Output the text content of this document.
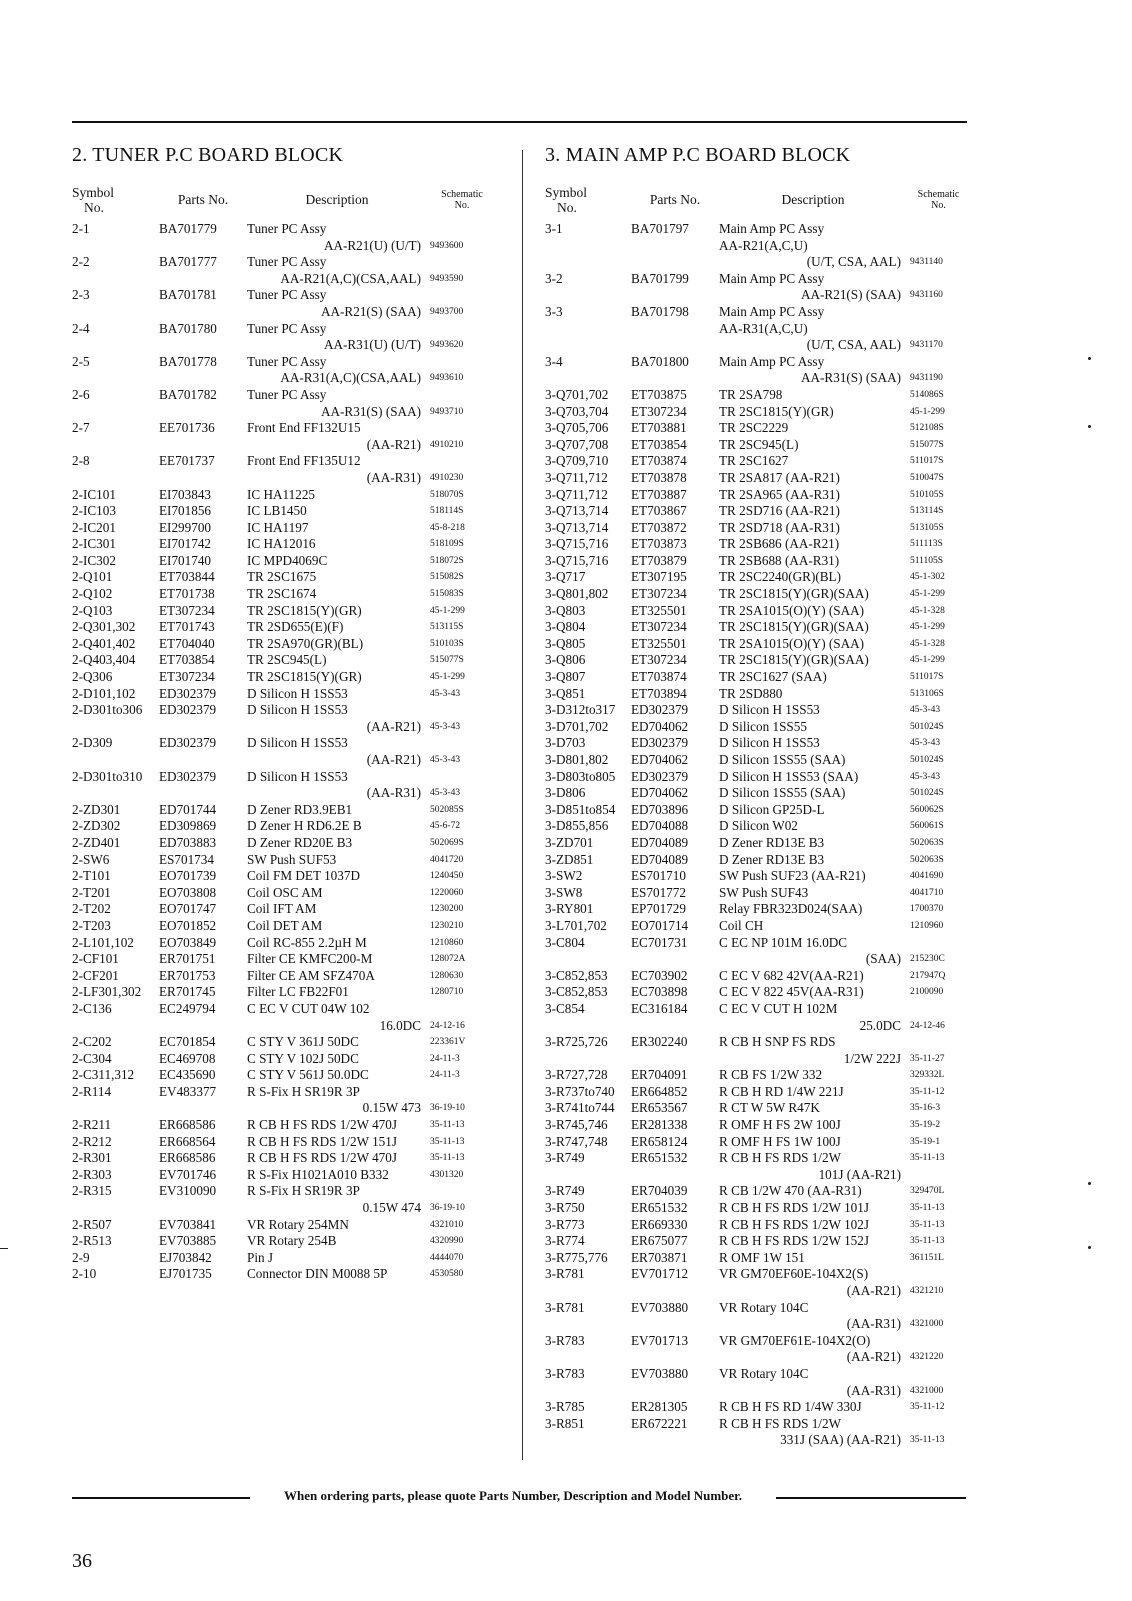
2. TUNER P.C BOARD BLOCK
Symbol
No.	Parts No.	Description	Schematic
No.
2-1	BA701779	Tuner PC Assy	
		AA-R21(U) (U/T)	9493600
2-2	BA701777	Tuner PC Assy	
		AA-R21(A,C)(CSA,AAL)	9493590
2-3	BA701781	Tuner PC Assy	
		AA-R21(S) (SAA)	9493700
2-4	BA701780	Tuner PC Assy	
		AA-R31(U) (U/T)	9493620
2-5	BA701778	Tuner PC Assy	
		AA-R31(A,C)(CSA,AAL)	9493610
2-6	BA701782	Tuner PC Assy	
		AA-R31(S) (SAA)	9493710
2-7	EE701736	Front End FF132U15	
		(AA-R21)	4910210
2-8	EE701737	Front End FF135U12	
		(AA-R31)	4910230
2-IC101	EI703843	IC HA11225	518070S
2-IC103	EI701856	IC LB1450	518114S
2-IC201	EI299700	IC HA1197	45-8-218
2-IC301	EI701742	IC HA12016	518109S
2-IC302	EI701740	IC MPD4069C	518072S
2-Q101	ET703844	TR 2SC1675	515082S
2-Q102	ET701738	TR 2SC1674	515083S
2-Q103	ET307234	TR 2SC1815(Y)(GR)	45-1-299
2-Q301,302	ET701743	TR 2SD655(E)(F)	513115S
2-Q401,402	ET704040	TR 2SA970(GR)(BL)	510103S
2-Q403,404	ET703854	TR 2SC945(L)	515077S
2-Q306	ET307234	TR 2SC1815(Y)(GR)	45-1-299
2-D101,102	ED302379	D Silicon H 1SS53	45-3-43
2-D301to306	ED302379	D Silicon H 1SS53	
		(AA-R21)	45-3-43
2-D309	ED302379	D Silicon H 1SS53	
		(AA-R21)	45-3-43
2-D301to310	ED302379	D Silicon H 1SS53	
		(AA-R31)	45-3-43
2-ZD301	ED701744	D Zener RD3.9EB1	502085S
2-ZD302	ED309869	D Zener H RD6.2E B	45-6-72
2-ZD401	ED703883	D Zener RD20E B3	502069S
2-SW6	ES701734	SW Push SUF53	4041720
2-T101	EO701739	Coil FM DET 1037D	1240450
2-T201	EO703808	Coil OSC AM	1220060
2-T202	EO701747	Coil IFT AM	1230200
2-T203	EO701852	Coil DET AM	1230210
2-L101,102	EO703849	Coil RC-855 2.2µH M	1210860
2-CF101	ER701751	Filter CE KMFC200-M	128072A
2-CF201	ER701753	Filter CE AM SFZ470A	1280630
2-LF301,302	ER701745	Filter LC FB22F01	1280710
2-C136	EC249794	C EC V CUT 04W 102	
		16.0DC	24-12-16
2-C202	EC701854	C STY V 361J 50DC	223361V
2-C304	EC469708	C STY V 102J 50DC	24-11-3
2-C311,312	EC435690	C STY V 561J 50.0DC	24-11-3
2-R114	EV483377	R S-Fix H SR19R 3P	
		0.15W 473	36-19-10
2-R211	ER668586	R CB H FS RDS 1/2W 470J	35-11-13
2-R212	ER668564	R CB H FS RDS 1/2W 151J	35-11-13
2-R301	ER668586	R CB H FS RDS 1/2W 470J	35-11-13
2-R303	EV701746	R S-Fix H1021A010 B332	4301320
2-R315	EV310090	R S-Fix H SR19R 3P	
		0.15W 474	36-19-10
2-R507	EV703841	VR Rotary 254MN	4321010
2-R513	EV703885	VR Rotary 254B	4320990
2-9	EJ703842	Pin J	4444070
2-10	EJ701735	Connector DIN M0088 5P	4530580
3. MAIN AMP P.C BOARD BLOCK
Symbol
No.	Parts No.	Description	Schematic
No.
3-1	BA701797	Main Amp PC Assy	
		AA-R21(A,C,U)	
		(U/T, CSA, AAL)	9431140
3-2	BA701799	Main Amp PC Assy	
		AA-R21(S) (SAA)	9431160
3-3	BA701798	Main Amp PC Assy	
		AA-R31(A,C,U)	
		(U/T, CSA, AAL)	9431170
3-4	BA701800	Main Amp PC Assy	
		AA-R31(S) (SAA)	9431190
3-Q701,702	ET703875	TR 2SA798	514086S
3-Q703,704	ET307234	TR 2SC1815(Y)(GR)	45-1-299
3-Q705,706	ET703881	TR 2SC2229	512108S
3-Q707,708	ET703854	TR 2SC945(L)	515077S
3-Q709,710	ET703874	TR 2SC1627	511017S
3-Q711,712	ET703878	TR 2SA817 (AA-R21)	510047S
3-Q711,712	ET703887	TR 2SA965 (AA-R31)	510105S
3-Q713,714	ET703867	TR 2SD716 (AA-R21)	513114S
3-Q713,714	ET703872	TR 2SD718 (AA-R31)	513105S
3-Q715,716	ET703873	TR 2SB686 (AA-R21)	511113S
3-Q715,716	ET703879	TR 2SB688 (AA-R31)	511105S
3-Q717	ET307195	TR 2SC2240(GR)(BL)	45-1-302
3-Q801,802	ET307234	TR 2SC1815(Y)(GR)(SAA)	45-1-299
3-Q803	ET325501	TR 2SA1015(O)(Y) (SAA)	45-1-328
3-Q804	ET307234	TR 2SC1815(Y)(GR)(SAA)	45-1-299
3-Q805	ET325501	TR 2SA1015(O)(Y) (SAA)	45-1-328
3-Q806	ET307234	TR 2SC1815(Y)(GR)(SAA)	45-1-299
3-Q807	ET703874	TR 2SC1627 (SAA)	511017S
3-Q851	ET703894	TR 2SD880	513106S
3-D312to317	ED302379	D Silicon H 1SS53	45-3-43
3-D701,702	ED704062	D Silicon 1SS55	501024S
3-D703	ED302379	D Silicon H 1SS53	45-3-43
3-D801,802	ED704062	D Silicon 1SS55 (SAA)	501024S
3-D803to805	ED302379	D Silicon H 1SS53 (SAA)	45-3-43
3-D806	ED704062	D Silicon 1SS55 (SAA)	501024S
3-D851to854	ED703896	D Silicon GP25D-L	560062S
3-D855,856	ED704088	D Silicon W02	560061S
3-ZD701	ED704089	D Zener RD13E B3	502063S
3-ZD851	ED704089	D Zener RD13E B3	502063S
3-SW2	ES701710	SW Push SUF23 (AA-R21)	4041690
3-SW8	ES701772	SW Push SUF43	4041710
3-RY801	EP701729	Relay FBR323D024(SAA)	1700370
3-L701,702	EO701714	Coil CH	1210960
3-C804	EC701731	C EC NP 101M 16.0DC	
		(SAA)	215230C
3-C852,853	EC703902	C EC V 682 42V(AA-R21)	217947Q
3-C852,853	EC703898	C EC V 822 45V(AA-R31)	2100090
3-C854	EC316184	C EC V CUT H 102M	
		25.0DC	24-12-46
3-R725,726	ER302240	R CB H SNP FS RDS	
		1/2W 222J	35-11-27
3-R727,728	ER704091	R CB FS 1/2W 332	329332L
3-R737to740	ER664852	R CB H RD 1/4W 221J	35-11-12
3-R741to744	ER653567	R CT W 5W R47K	35-16-3
3-R745,746	ER281338	R OMF H FS 2W 100J	35-19-2
3-R747,748	ER658124	R OMF H FS 1W 100J	35-19-1
3-R749	ER651532	R CB H FS RDS 1/2W	35-11-13
		101J (AA-R21)	
3-R749	ER704039	R CB 1/2W 470 (AA-R31)	329470L
3-R750	ER651532	R CB H FS RDS 1/2W 101J	35-11-13
3-R773	ER669330	R CB H FS RDS 1/2W 102J	35-11-13
3-R774	ER675077	R CB H FS RDS 1/2W 152J	35-11-13
3-R775,776	ER703871	R OMF 1W 151	361151L
3-R781	EV701712	VR GM70EF60E-104X2(S)	
		(AA-R21)	4321210
3-R781	EV703880	VR Rotary 104C	
		(AA-R31)	4321000
3-R783	EV701713	VR GM70EF61E-104X2(O)	
		(AA-R21)	4321220
3-R783	EV703880	VR Rotary 104C	
		(AA-R31)	4321000
3-R785	ER281305	R CB H FS RD 1/4W 330J	35-11-12
3-R851	ER672221	R CB H FS RDS 1/2W	
		331J (SAA) (AA-R21)	35-11-13
When ordering parts, please quote Parts Number, Description and Model Number.
36
